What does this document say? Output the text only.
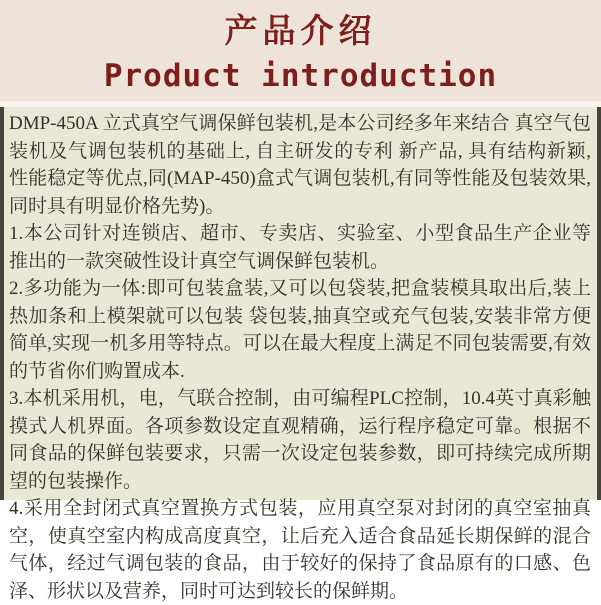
产品介绍
Product introduction

DMP-450A 立式真空气调保鲜包装机,是本公司经多年来结合 真空气包装机及气调包装机的基础上, 自主研发的专利 新产品, 具有结构新颖, 性能稳定等优点,同(MAP-450)盒式气调包装机,有同等性能及包装效果,同时具有明显价格先势)。

1.本公司针对连锁店、超市、专卖店、实验室、小型食品生产企业等推出的一款突破性设计真空气调保鲜包装机。

2.多功能为一体:即可包装盒装,又可以包袋装,把盒装模具取出后,装上热加条和上模架就可以包装 袋包装,抽真空或充气包装,安装非常方便简单,实现一机多用等特点。可以在最大程度上满足不同包装需要,有效的节省你们购置成本.

3.本机采用机，电，气联合控制，由可编程PLC控制，10.4英寸真彩触摸式人机界面。各项参数设定直观精确，运行程序稳定可靠。根据不同食品的保鲜包装要求，只需一次设定包装参数，即可持续完成所期望的包装操作。

4.采用全封闭式真空置换方式包装，应用真空泵对封闭的真空室抽真空，使真空室内构成高度真空，让后充入适合食品延长期保鲜的混合气体，经过气调包装的食品，由于较好的保持了食品原有的口感、色泽、形状以及营养，同时可达到较长的保鲜期。
